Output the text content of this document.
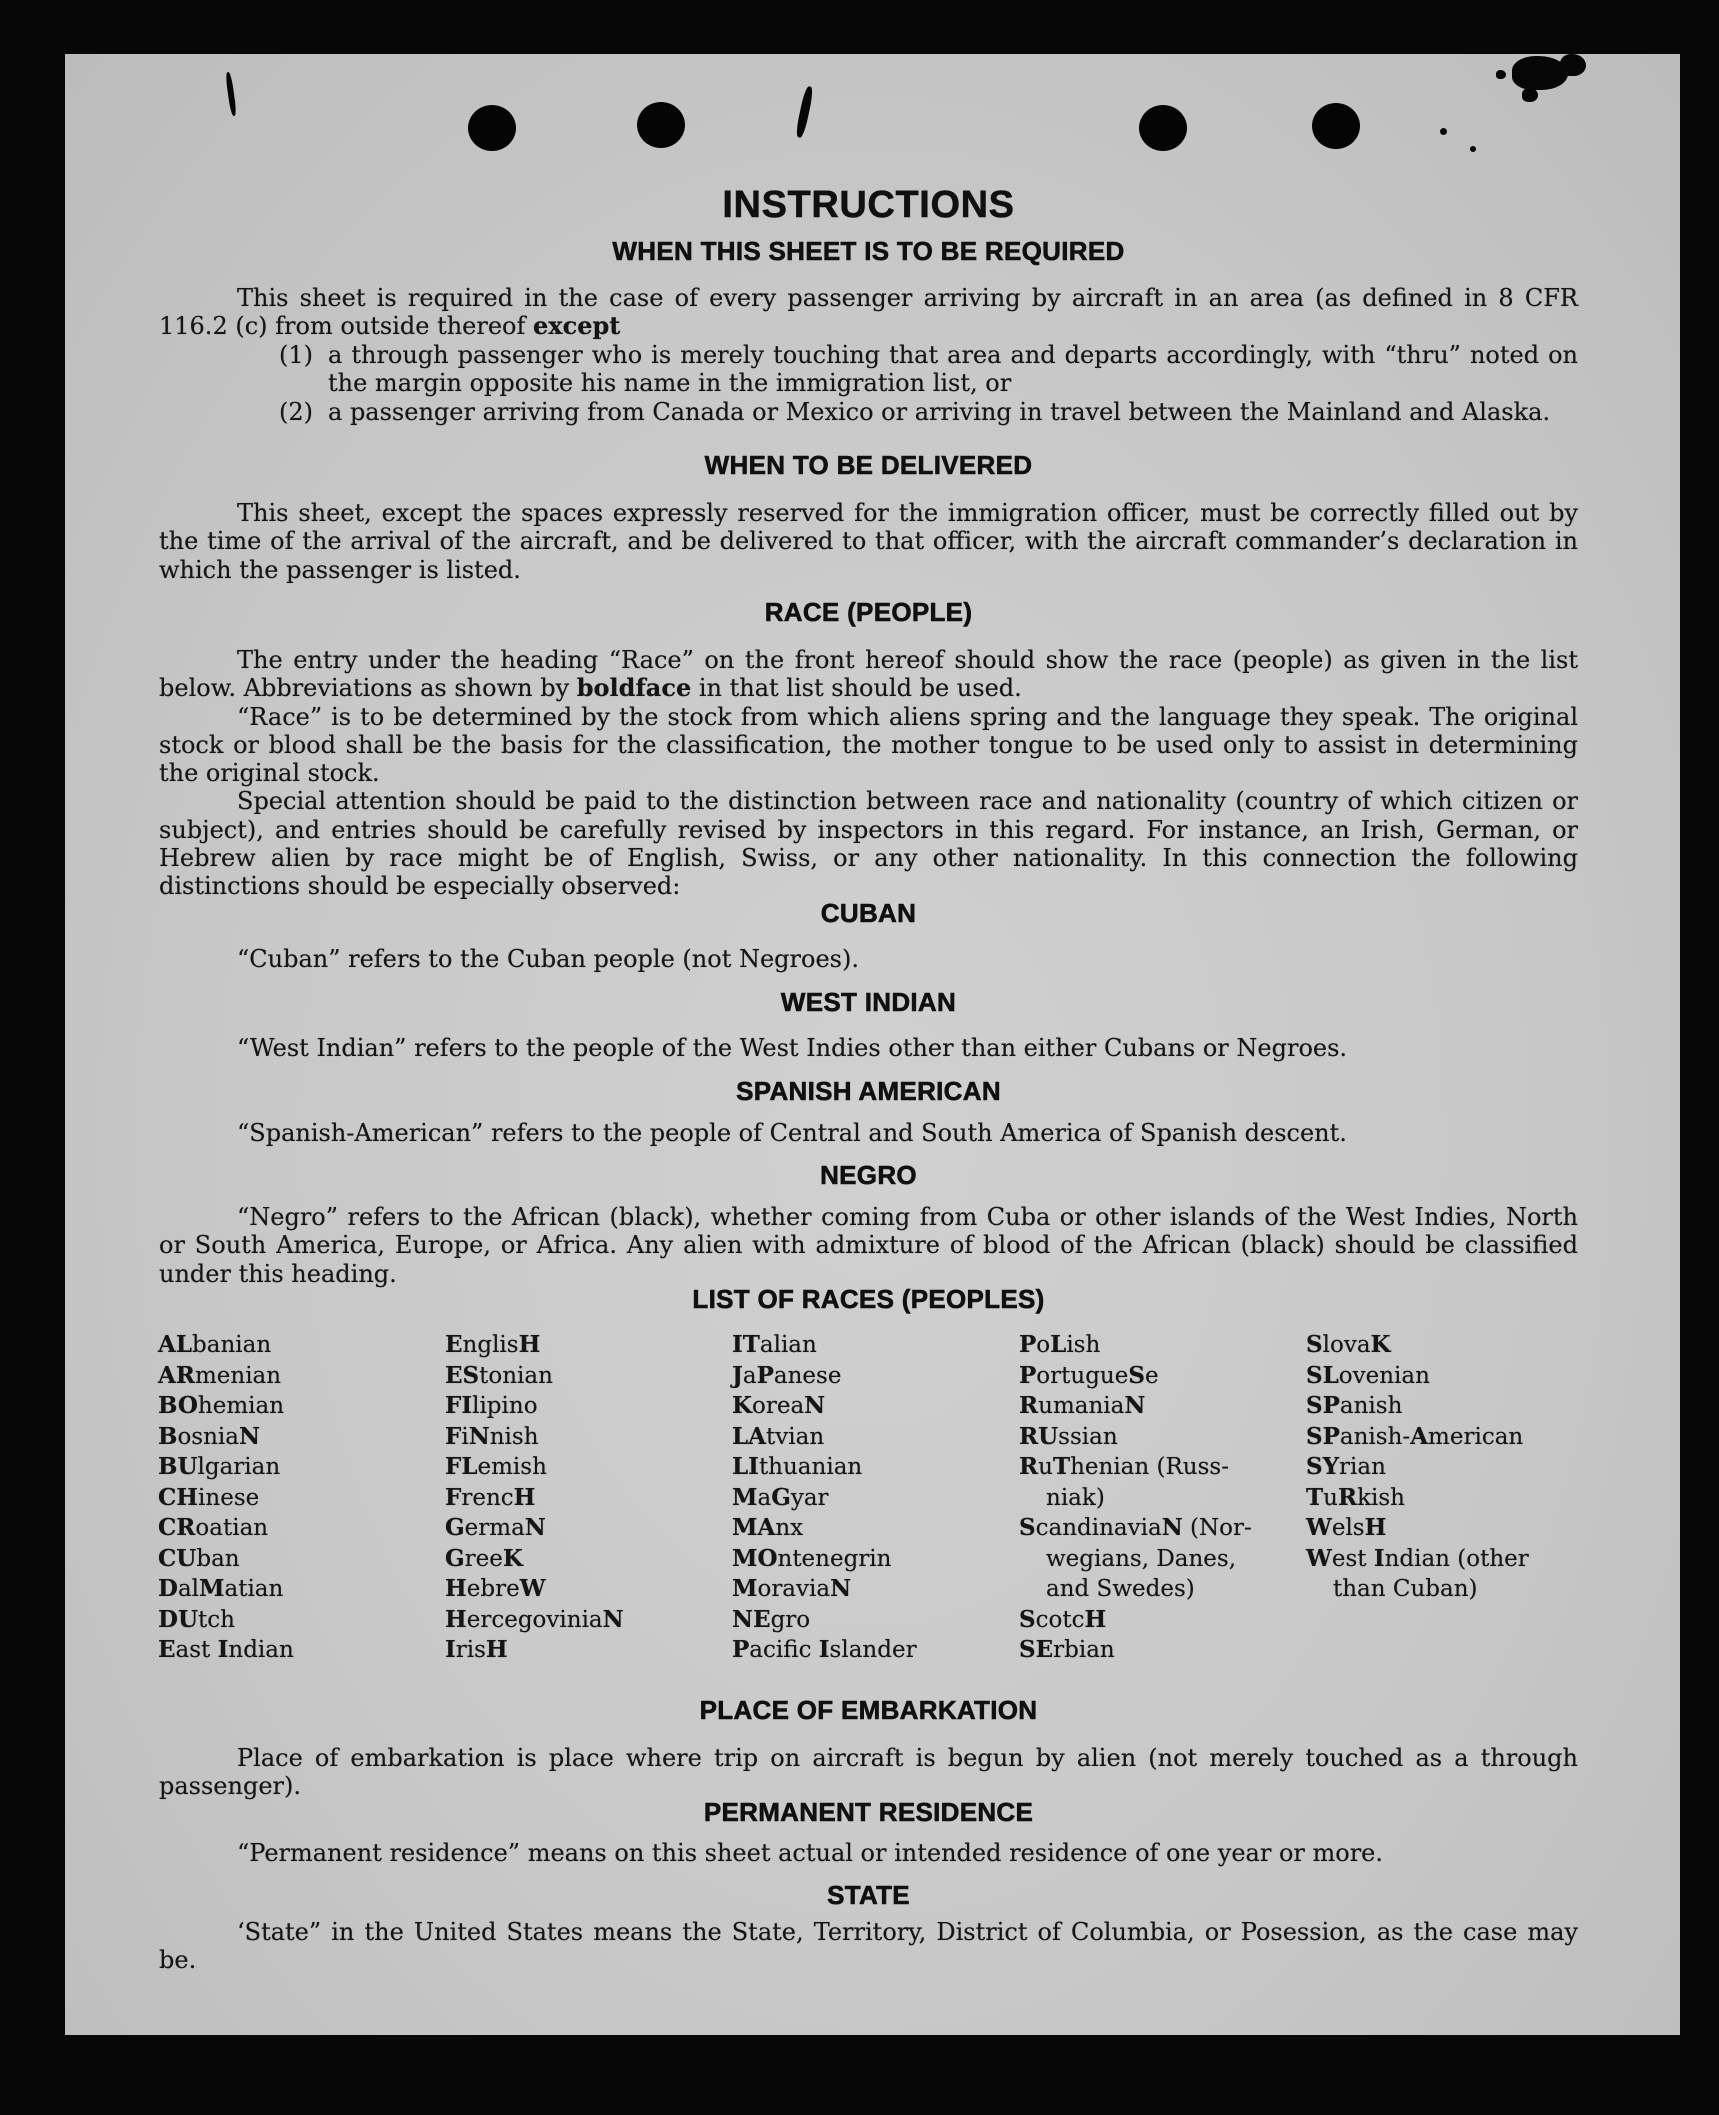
INSTRUCTIONS
WHEN THIS SHEET IS TO BE REQUIRED
This sheet is required in the case of every passenger arriving by aircraft in an area (as defined in 8 CFR 116.2 (c) from outside thereof except
(1) a through passenger who is merely touching that area and departs accordingly, with “thru” noted on the margin opposite his name in the immigration list, or
(2) a passenger arriving from Canada or Mexico or arriving in travel between the Mainland and Alaska.
WHEN TO BE DELIVERED
This sheet, except the spaces expressly reserved for the immigration officer, must be correctly filled out by the time of the arrival of the aircraft, and be delivered to that officer, with the aircraft commander’s declaration in which the passenger is listed.
RACE (PEOPLE)

The entry under the heading “Race” on the front hereof should show the race (people) as given in the list below. Abbreviations as shown by boldface in that list should be used.

“Race” is to be determined by the stock from which aliens spring and the language they speak. The original stock or blood shall be the basis for the classification, the mother tongue to be used only to assist in determining the original stock.

Special attention should be paid to the distinction between race and nationality (country of which citizen or subject), and entries should be carefully revised by inspectors in this regard. For instance, an Irish, German, or Hebrew alien by race might be of English, Swiss, or any other nationality. In this connection the following distinctions should be especially observed:

CUBAN
“Cuban” refers to the Cuban people (not Negroes).
WEST INDIAN
“West Indian” refers to the people of the West Indies other than either Cubans or Negroes.
SPANISH AMERICAN
“Spanish-American” refers to the people of Central and South America of Spanish descent.
NEGRO
“Negro” refers to the African (black), whether coming from Cuba or other islands of the West Indies, North or South America, Europe, or Africa. Any alien with admixture of blood of the African (black) should be classified under this heading.
LIST OF RACES (PEOPLES)
ALbanian
ARmenian
BOhemian
BosniaN
BUlgarian
CHinese
CRoatian
CUban
DalMatian
DUtch
East Indian
EnglisH
EStonian
FIlipino
FiNnish
FLemish
FrencH
GermaN
GreeK
HebreW
HercegoviniaN
IrisH
ITalian
JaPanese
KoreaN
LAtvian
LIthuanian
MaGyar
MAnx
MOntenegrin
MoraviaN
NEgro
Pacific Islander
PoLish
PortugueSe
RumaniaN
RUssian
RuThenian (Russ-
niak)
ScandinaviaN (Nor-
wegians, Danes,
and Swedes)
ScotcH
SErbian
SlovaK
SLovenian
SPanish
SPanish-American
SYrian
TuRkish
WelsH
West Indian (other
than Cuban)
PLACE OF EMBARKATION
Place of embarkation is place where trip on aircraft is begun by alien (not merely touched as a through passenger).
PERMANENT RESIDENCE
“Permanent residence” means on this sheet actual or intended residence of one year or more.
STATE
‘State” in the United States means the State, Territory, District of Columbia, or Posession, as the case may be.
